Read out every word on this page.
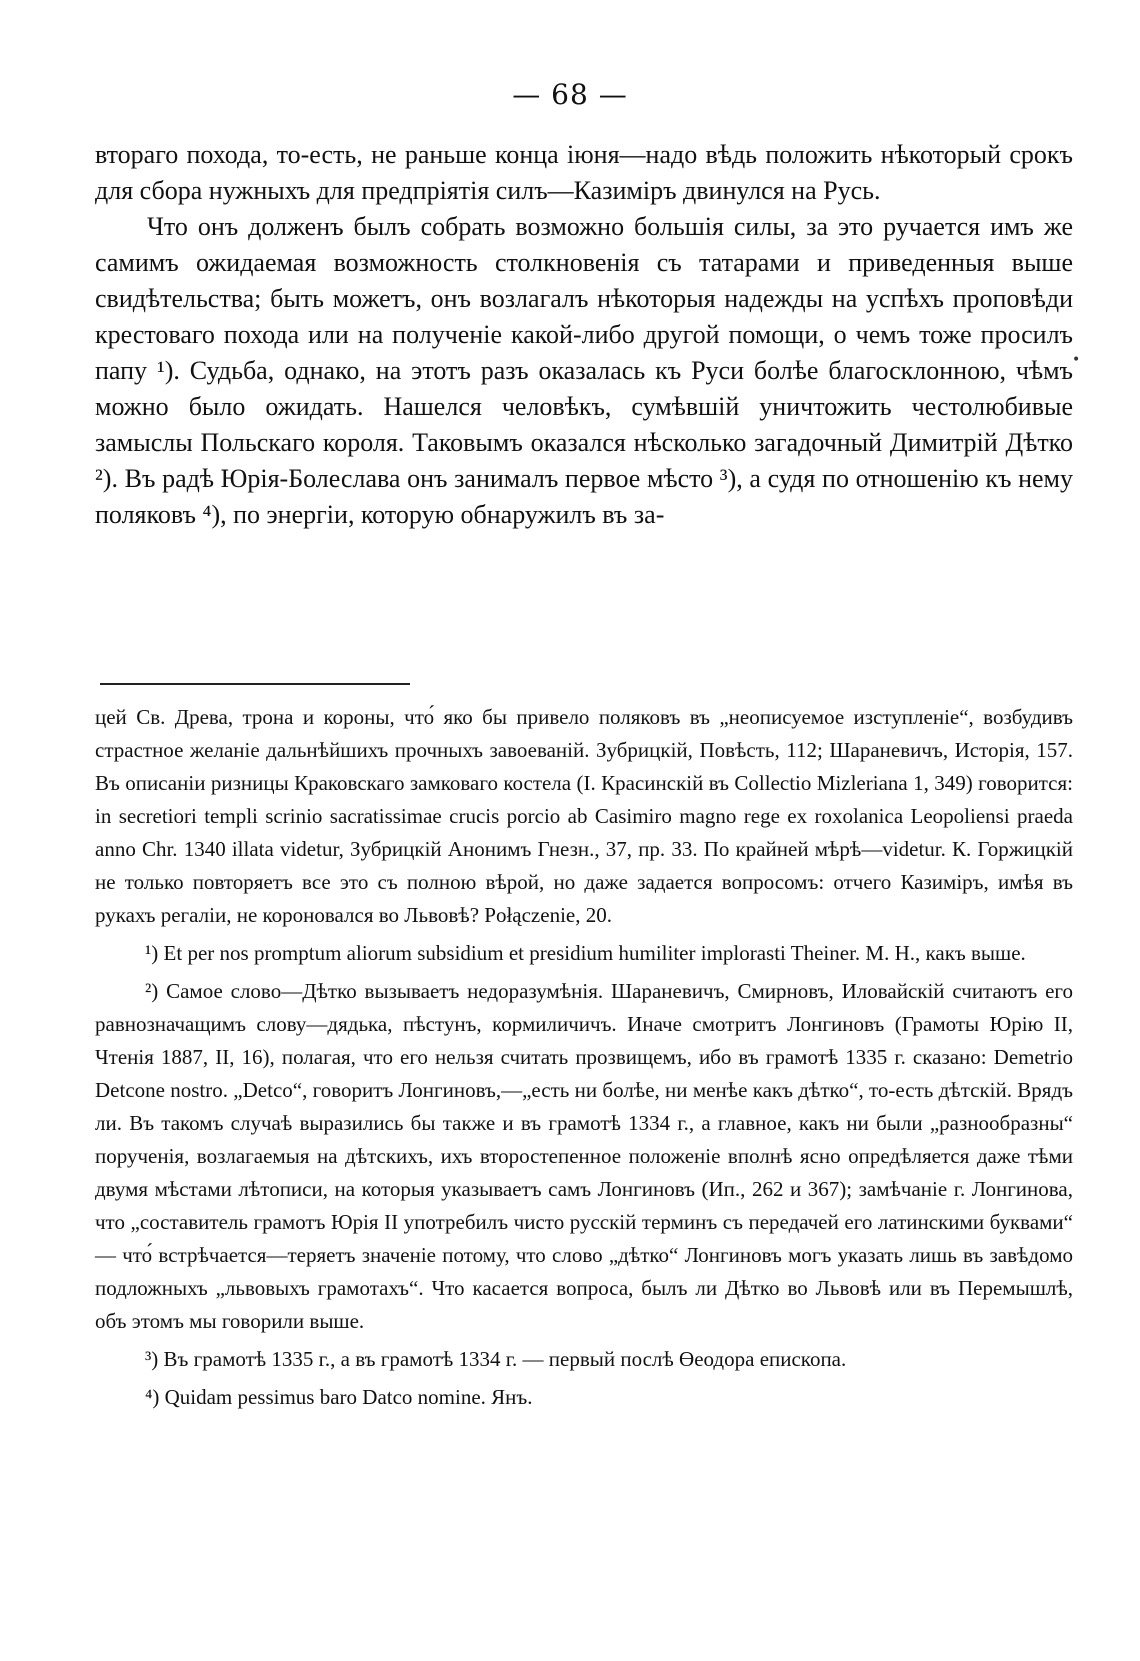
— 68 —

втораго похода, то-есть, не раньше конца іюня—надо вѣдь положить нѣкоторый срокъ для сбора нужныхъ для предпріятія силъ—Казиміръ двинулся на Русь.

Что онъ долженъ былъ собрать возможно большія силы, за это ручается имъ же самимъ ожидаемая возможность столкновенія съ татарами и приведенныя выше свидѣтельства; быть можетъ, онъ возлагалъ нѣкоторыя надежды на успѣхъ проповѣди крестоваго похода или на полученіе какой-либо другой помощи, о чемъ тоже просилъ папу ¹). Судьба, однако, на этотъ разъ оказалась къ Руси болѣе благосклонною, чѣмъ можно было ожидать. Нашелся человѣкъ, сумѣвшій уничтожить честолюбивые замыслы Польскаго короля. Таковымъ оказался нѣсколько загадочный Димитрій Дѣтко ²). Въ радѣ Юрія-Болеслава онъ занималъ первое мѣсто ³), а судя по отношенію къ нему поляковъ ⁴), по энергіи, которую обнаружилъ въ за-

цей Св. Древа, трона и короны, что́ яко бы привело поляковъ въ „неописуемое изступленіе“, возбудивъ страстное желаніе дальнѣйшихъ прочныхъ завоеваній. Зубрицкій, Повѣсть, 112; Шараневичъ, Исторія, 157. Въ описаніи ризницы Краковскаго замковаго костела (І. Красинскій въ Collectio Mizleriana 1, 349) говорится: in secretiori templi scrinio sacratissimae crucis porcio ab Casimiro magno rege ex roxolanica Leopoliensi praeda anno Chr. 1340 illata videtur, Зубрицкій Анонимъ Гнезн., 37, пр. 33. По крайней мѣрѣ—videtur. К. Горжицкій не только повторяетъ все это съ полною вѣрой, но даже задается вопросомъ: отчего Казиміръ, имѣя въ рукахъ регаліи, не короновался во Львовѣ? Połączenie, 20.

¹) Et per nos promptum aliorum subsidium et presidium humiliter implorasti Theiner. M. H., какъ выше.

²) Самое слово—Дѣтко вызываетъ недоразумѣнія. Шараневичъ, Смирновъ, Иловайскій считаютъ его равнозначащимъ слову—дядька, пѣстунъ, кормиличичъ. Иначе смотритъ Лонгиновъ (Грамоты Юрію II, Чтенія 1887, II, 16), полагая, что его нельзя считать прозвищемъ, ибо въ грамотѣ 1335 г. сказано: Demetrio Detcone nostro. „Detco“, говоритъ Лонгиновъ,—„есть ни болѣе, ни менѣе какъ дѣтко“, то-есть дѣтскій. Врядъ ли. Въ такомъ случаѣ выразились бы также и въ грамотѣ 1334 г., а главное, какъ ни были „разнообразны“ порученія, возлагаемыя на дѣтскихъ, ихъ второстепенное положеніе вполнѣ ясно опредѣляется даже тѣми двумя мѣстами лѣтописи, на которыя указываетъ самъ Лонгиновъ (Ип., 262 и 367); замѣчаніе г. Лонгинова, что „составитель грамотъ Юрія II употребилъ чисто русскій терминъ съ передачей его латинскими буквами“ — что́ встрѣчается—теряетъ значеніе потому, что слово „дѣтко“ Лонгиновъ могъ указать лишь въ завѣдомо подложныхъ „львовыхъ грамотахъ“. Что касается вопроса, былъ ли Дѣтко во Львовѣ или въ Перемышлѣ, объ этомъ мы говорили выше.

³) Въ грамотѣ 1335 г., а въ грамотѣ 1334 г. — первый послѣ Өеодора епископа.

⁴) Quidam pessimus baro Datco nomine. Янъ.

•
